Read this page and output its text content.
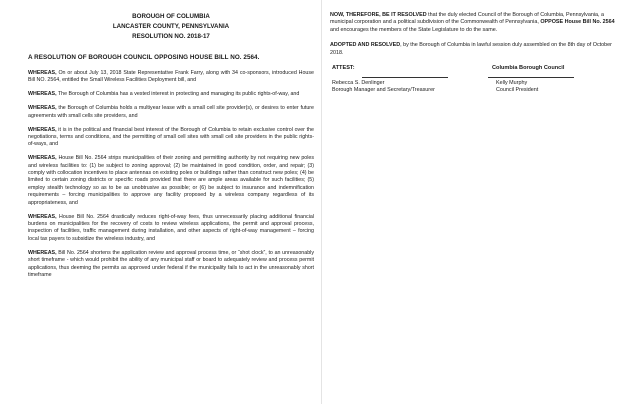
BOROUGH OF COLUMBIA
LANCASTER COUNTY, PENNSYLVANIA
RESOLUTION NO. 2018-17
A RESOLUTION OF BOROUGH COUNCIL OPPOSING HOUSE BILL NO. 2564.

WHEREAS, On or about July 13, 2018 State Representative Frank Farry, along with 34 co-sponsors, introduced House Bill NO. 2564, entitled the Small Wireless Facilities Deployment bill, and

WHEREAS, The Borough of Columbia has a vested interest in protecting and managing its public rights-of-way, and

WHEREAS, the Borough of Columbia holds a multiyear lease with a small cell site provider(s), or desires to enter future agreements with small cells site providers, and

WHEREAS, it is in the political and financial best interest of the Borough of Columbia to retain exclusive control over the negotiations, terms and conditions, and the permitting of small cell sites with small cell site providers in the public rights-of-ways, and

WHEREAS, House Bill No. 2564 strips municipalities of their zoning and permitting authority by not requiring new poles and wireless facilities to: (1) be subject to zoning approval; (2) be maintained in good condition, order, and repair; (3) comply with collocation incentives to place antennas on existing poles or buildings rather than construct new poles; (4) be limited to certain zoning districts or specific roads provided that there are ample areas available for such facilities; (5) employ stealth technology so as to be as unobtrusive as possible; or (6) be subject to insurance and indemnification requirements – forcing municipalities to approve any facility proposed by a wireless company regardless of its appropriateness, and

WHEREAS, House Bill No. 2564 drastically reduces right-of-way fees, thus unnecessarily placing additional financial burdens on municipalities for the recovery of costs to review wireless applications, the permit and approval process, inspection of facilities, traffic management during installation, and other aspects of right-of-way management – forcing local tax payers to subsidize the wireless industry, and

WHEREAS, Bill No. 2564 shortens the application review and approval process time, or “shot clock”, to an unreasonably short timeframe - which would prohibit the ability of any municipal staff or board to adequately review and process permit applications, thus deeming the permits as approved under federal if the municipality fails to act in the unreasonably short timeframe

NOW, THEREFORE, BE IT RESOLVED that the duly elected Council of the Borough of Columbia, Pennsylvania, a municipal corporation and a political subdivision of the Commonwealth of Pennsylvania, OPPOSE House Bill No. 2564 and encourages the members of the State Legislature to do the same.

ADOPTED AND RESOLVED, by the Borough of Columbia in lawful session duly assembled on the 8th day of October 2018.

ATTEST:	Columbia Borough Council
Rebecca S. Denlinger
Borough Manager and Secretary/Treasurer
Kelly Murphy
Council President
